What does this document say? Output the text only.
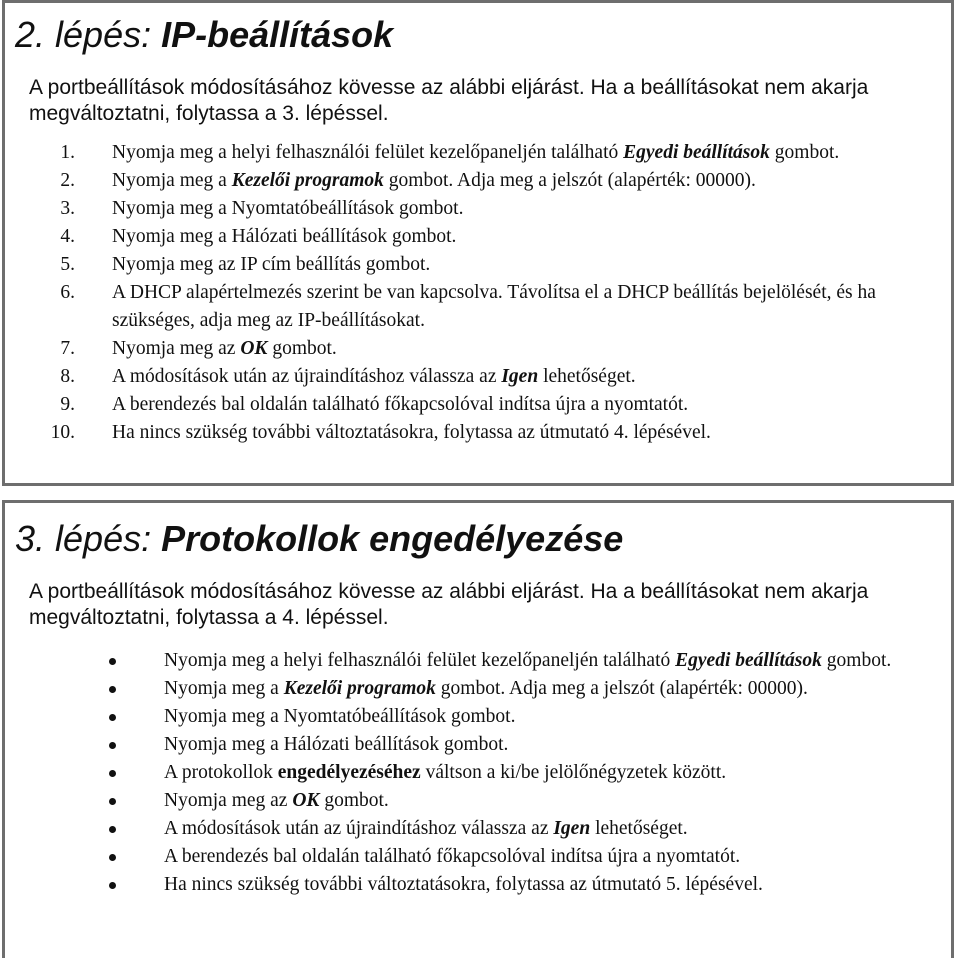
2. lépés: IP-beállítások

A portbeállítások módosításához kövesse az alábbi eljárást. Ha a beállításokat nem akarja megváltoztatni, folytassa a 3. lépéssel.

1. Nyomja meg a helyi felhasználói felület kezelőpaneljén található Egyedi beállítások gombot.
2. Nyomja meg a Kezelői programok gombot. Adja meg a jelszót (alapérték: 00000).
3. Nyomja meg a Nyomtatóbeállítások gombot.
4. Nyomja meg a Hálózati beállítások gombot.
5. Nyomja meg az IP cím beállítás gombot.
6. A DHCP alapértelmezés szerint be van kapcsolva. Távolítsa el a DHCP beállítás bejelölését, és ha szükséges, adja meg az IP-beállításokat.
7. Nyomja meg az OK gombot.
8. A módosítások után az újraindításhoz válassza az Igen lehetőséget.
9. A berendezés bal oldalán található főkapcsolóval indítsa újra a nyomtatót.
10. Ha nincs szükség további változtatásokra, folytassa az útmutató 4. lépésével.
3. lépés: Protokollok engedélyezése

A portbeállítások módosításához kövesse az alábbi eljárást. Ha a beállításokat nem akarja megváltoztatni, folytassa a 4. lépéssel.

Nyomja meg a helyi felhasználói felület kezelőpaneljén található Egyedi beállítások gombot.
Nyomja meg a Kezelői programok gombot. Adja meg a jelszót (alapérték: 00000).
Nyomja meg a Nyomtatóbeállítások gombot.
Nyomja meg a Hálózati beállítások gombot.
A protokollok engedélyezéséhez váltson a ki/be jelölőnégyzetek között.
Nyomja meg az OK gombot.
A módosítások után az újraindításhoz válassza az Igen lehetőséget.
A berendezés bal oldalán található főkapcsolóval indítsa újra a nyomtatót.
Ha nincs szükség további változtatásokra, folytassa az útmutató 5. lépésével.
